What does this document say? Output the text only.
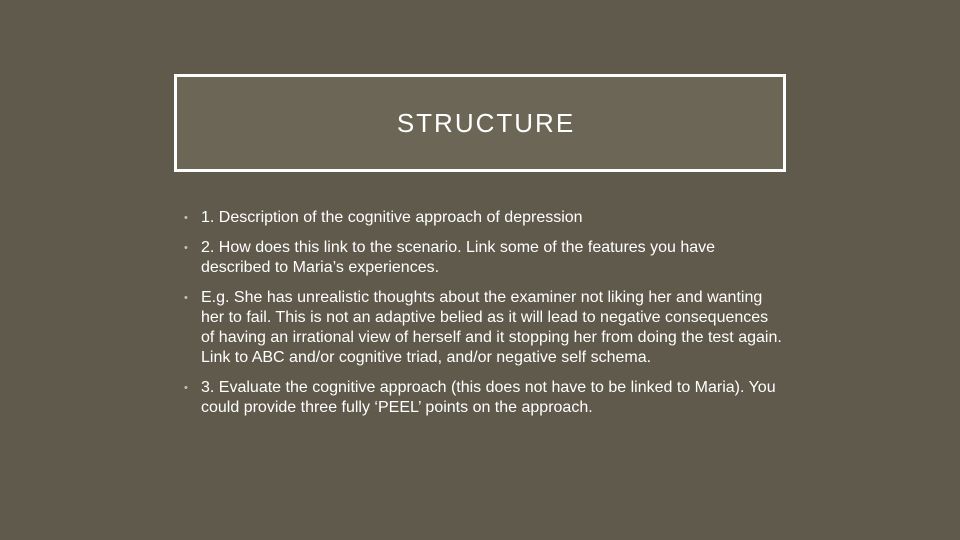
STRUCTURE
• 1. Description of the cognitive approach of depression
• 2. How does this link to the scenario. Link some of the features you have described to Maria’s experiences.
• E.g. She has unrealistic thoughts about the examiner not liking her and wanting her to fail. This is not an adaptive belied as it will lead to negative consequences of having an irrational view of herself and it stopping her from doing the test again. Link to ABC and/or cognitive triad, and/or negative self schema.
• 3. Evaluate the cognitive approach (this does not have to be linked to Maria). You could provide three fully ‘PEEL’ points on the approach.
